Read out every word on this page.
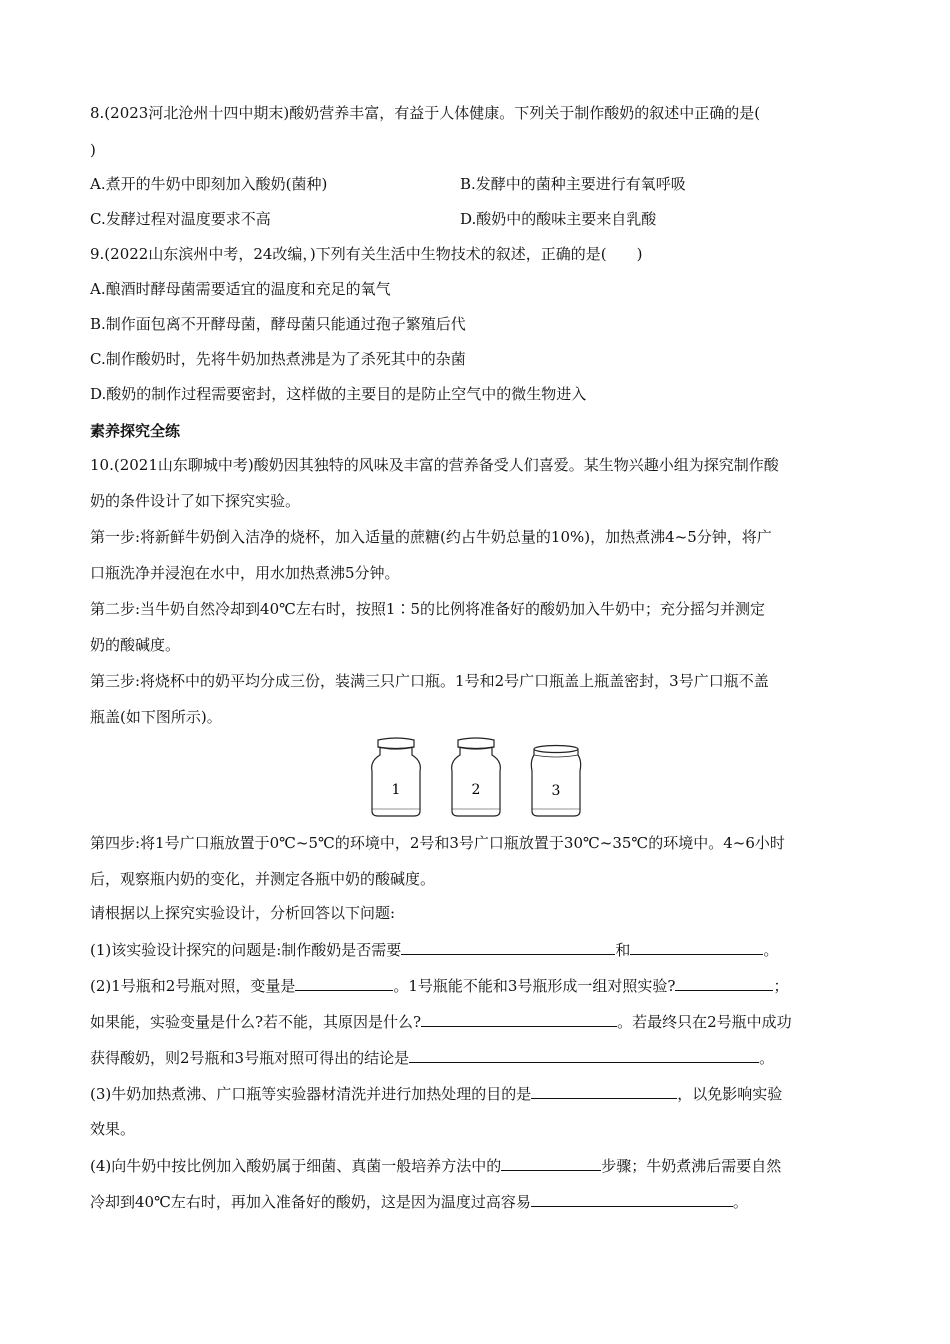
8.(2023河北沧州十四中期末)酸奶营养丰富，有益于人体健康。下列关于制作酸奶的叙述中正确的是(
)
A.煮开的牛奶中即刻加入酸奶(菌种)	B.发酵中的菌种主要进行有氧呼吸
C.发酵过程对温度要求不高	D.酸奶中的酸味主要来自乳酸
9.(2022山东滨州中考，24改编，)下列有关生活中生物技术的叙述，正确的是(　　)
A.酿酒时酵母菌需要适宜的温度和充足的氧气
B.制作面包离不开酵母菌，酵母菌只能通过孢子繁殖后代
C.制作酸奶时，先将牛奶加热煮沸是为了杀死其中的杂菌
D.酸奶的制作过程需要密封，这样做的主要目的是防止空气中的微生物进入
素养探究全练
10.(2021山东聊城中考)酸奶因其独特的风味及丰富的营养备受人们喜爱。某生物兴趣小组为探究制作酸
奶的条件设计了如下探究实验。
第一步:将新鲜牛奶倒入洁净的烧杯，加入适量的蔗糖(约占牛奶总量的10%)，加热煮沸4~5分钟，将广
口瓶洗净并浸泡在水中，用水加热煮沸5分钟。
第二步:当牛奶自然冷却到40℃左右时，按照1∶5的比例将准备好的酸奶加入牛奶中；充分摇匀并测定
奶的酸碱度。
第三步:将烧杯中的奶平均分成三份，装满三只广口瓶。1号和2号广口瓶盖上瓶盖密封，3号广口瓶不盖
瓶盖(如下图所示)。
1	2	3
第四步:将1号广口瓶放置于0℃~5℃的环境中，2号和3号广口瓶放置于30℃~35℃的环境中。4~6小时
后，观察瓶内奶的变化，并测定各瓶中奶的酸碱度。
请根据以上探究实验设计，分析回答以下问题:
(1)该实验设计探究的问题是:制作酸奶是否需要	和	。
(2)1号瓶和2号瓶对照，变量是	。1号瓶能不能和3号瓶形成一组对照实验?	；
如果能，实验变量是什么?若不能，其原因是什么?	。若最终只在2号瓶中成功
获得酸奶，则2号瓶和3号瓶对照可得出的结论是	。
(3)牛奶加热煮沸、广口瓶等实验器材清洗并进行加热处理的目的是	，以免影响实验
效果。
(4)向牛奶中按比例加入酸奶属于细菌、真菌一般培养方法中的	步骤；牛奶煮沸后需要自然
冷却到40℃左右时，再加入准备好的酸奶，这是因为温度过高容易	。
